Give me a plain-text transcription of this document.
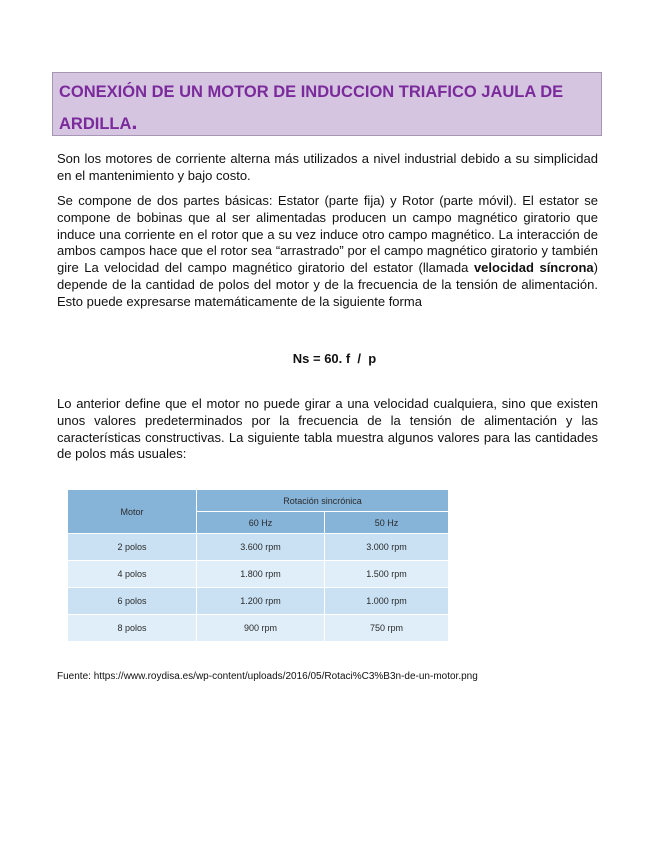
CONEXIÓN DE UN MOTOR DE INDUCCION TRIAFICO JAULA DE
ARDILLA.

Son los motores de corriente alterna más utilizados a nivel industrial debido a su simplicidad en el mantenimiento y bajo costo.

Se compone de dos partes básicas: Estator (parte fija) y Rotor (parte móvil). El estator se compone de bobinas que al ser alimentadas producen un campo magnético giratorio que induce una corriente en el rotor que a su vez induce otro campo magnético. La interacción de ambos campos hace que el rotor sea “arrastrado” por el campo magnético giratorio y también gire La velocidad del campo magnético giratorio del estator (llamada velocidad síncrona) depende de la cantidad de polos del motor y de la frecuencia de la tensión de alimentación. Esto puede expresarse matemáticamente de la siguiente forma

Ns = 60. f  /  p

Lo anterior define que el motor no puede girar a una velocidad cualquiera, sino que existen unos valores predeterminados por la frecuencia de la tensión de alimentación y las características constructivas. La siguiente tabla muestra algunos valores para las cantidades de polos más usuales:

Motor	Rotación sincrónica	
	60 Hz	50 Hz
2 polos	3.600 rpm	3.000 rpm
4 polos	1.800 rpm	1.500 rpm
6 polos	1.200 rpm	1.000 rpm
8 polos	900 rpm	750 rpm
Fuente: https://www.roydisa.es/wp-content/uploads/2016/05/Rotaci%C3%B3n-de-un-motor.png
